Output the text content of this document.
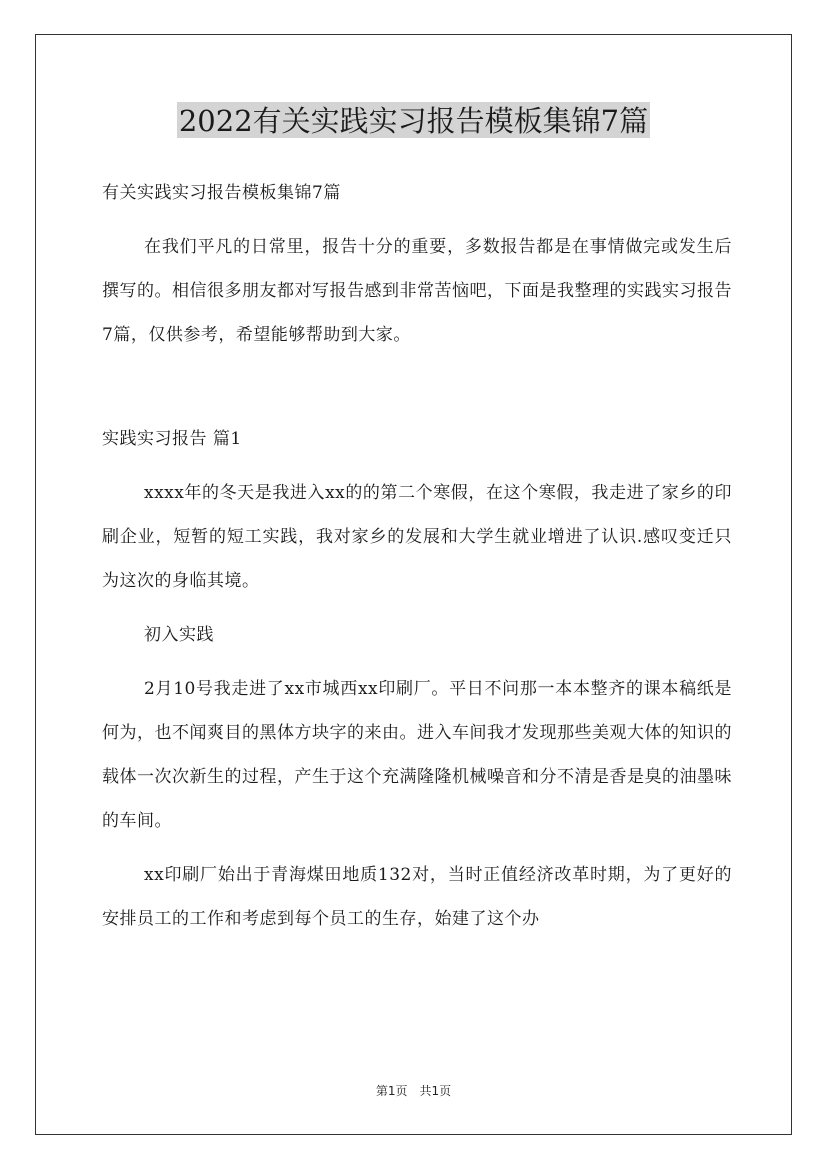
2022有关实践实习报告模板集锦7篇

有关实践实习报告模板集锦7篇

在我们平凡的日常里，报告十分的重要，多数报告都是在事情做完或发生后撰写的。相信很多朋友都对写报告感到非常苦恼吧，下面是我整理的实践实习报告7篇，仅供参考，希望能够帮助到大家。

实践实习报告 篇1

xxxx年的冬天是我进入xx的的第二个寒假，在这个寒假，我走进了家乡的印刷企业，短暂的短工实践，我对家乡的发展和大学生就业增进了认识.感叹变迁只为这次的身临其境。

初入实践

2月10号我走进了xx市城西xx印刷厂。平日不问那一本本整齐的课本稿纸是何为，也不闻爽目的黑体方块字的来由。进入车间我才发现那些美观大体的知识的载体一次次新生的过程，产生于这个充满隆隆机械噪音和分不清是香是臭的油墨味的车间。

xx印刷厂始出于青海煤田地质132对，当时正值经济改革时期，为了更好的安排员工的工作和考虑到每个员工的生存，始建了这个办

第1页 共1页
